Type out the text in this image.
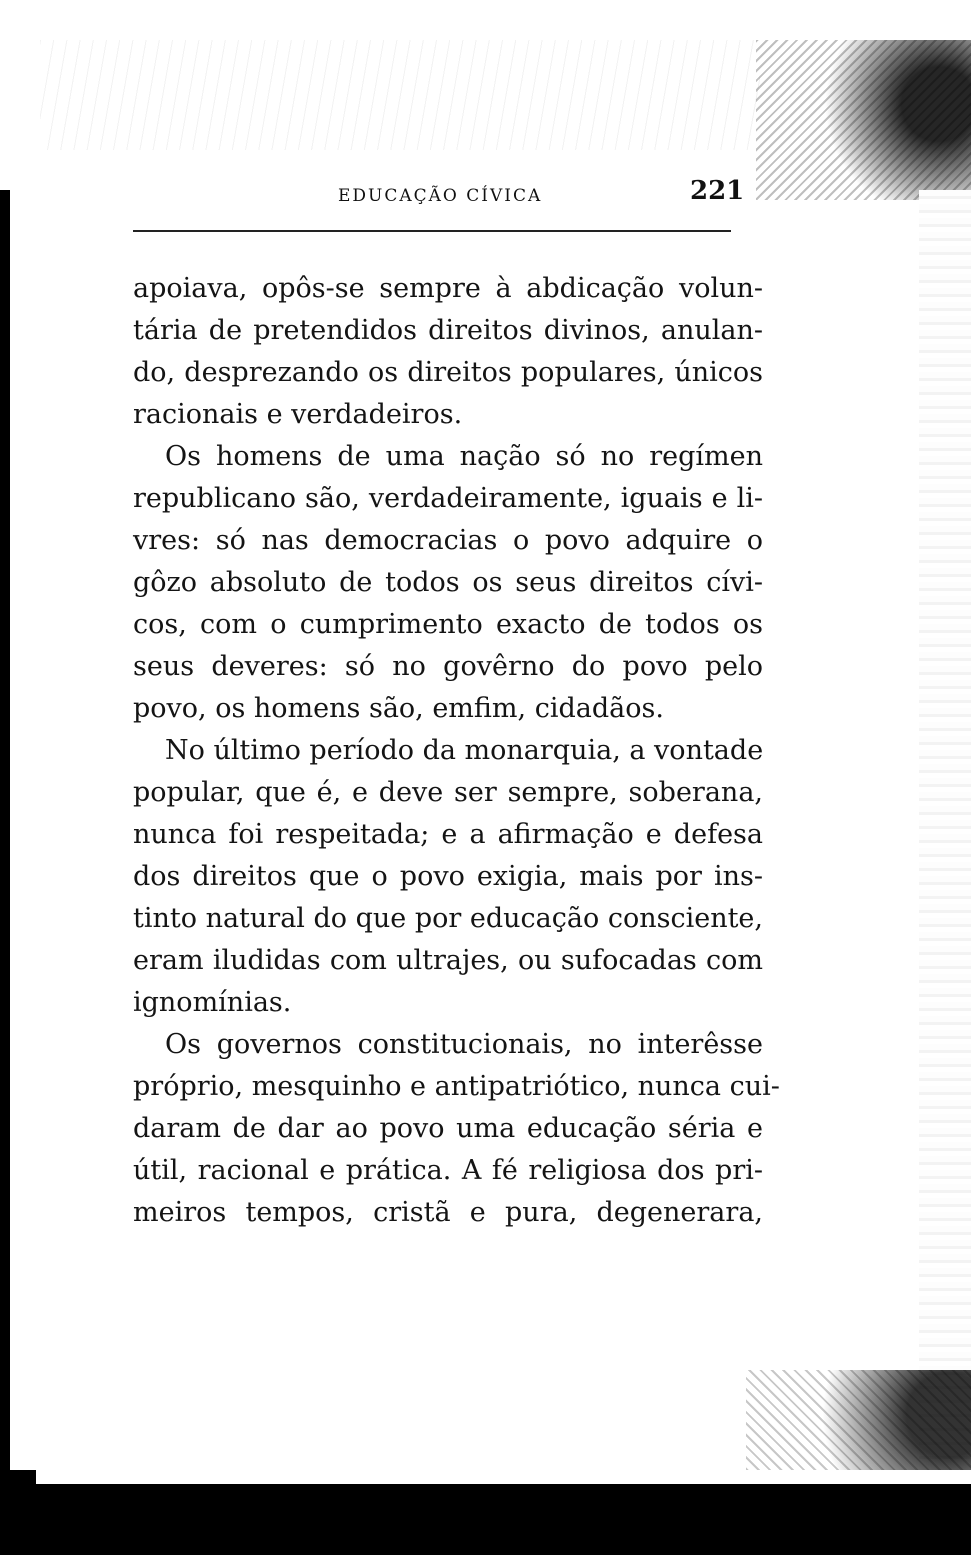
EDUCAÇÃO CÍVICA	221
apoiava, opôs-se sempre à abdicação volun-
tária de pretendidos direitos divinos, anulan-
do, desprezando os direitos populares, únicos
racionais e verdadeiros.
Os homens de uma nação só no regímen
republicano são, verdadeiramente, iguais e li-
vres: só nas democracias o povo adquire o
gôzo absoluto de todos os seus direitos cívi-
cos, com o cumprimento exacto de todos os
seus deveres: só no govêrno do povo pelo
povo, os homens são, emfim, cidadãos.
No último período da monarquia, a vontade
popular, que é, e deve ser sempre, soberana,
nunca foi respeitada; e a afirmação e defesa
dos direitos que o povo exigia, mais por ins-
tinto natural do que por educação consciente,
eram iludidas com ultrajes, ou sufocadas com
ignomínias.
Os governos constitucionais, no interêsse
próprio, mesquinho e antipatriótico, nunca cui-
daram de dar ao povo uma educação séria e
útil, racional e prática. A fé religiosa dos pri-
meiros tempos, cristã e pura, degenerara,
